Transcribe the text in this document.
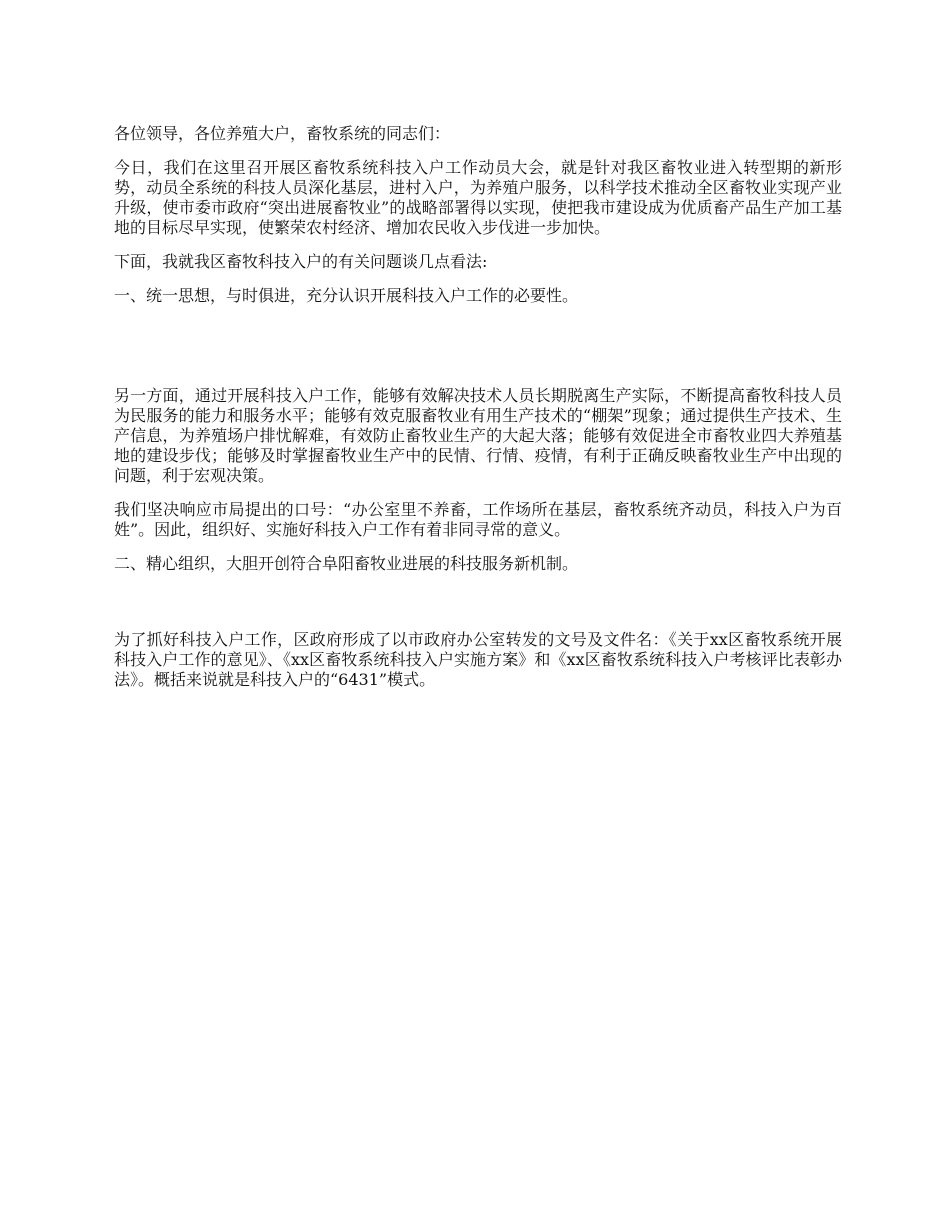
各位领导，各位养殖大户，畜牧系统的同志们：

今日，我们在这里召开展区畜牧系统科技入户工作动员大会，就是针对我区畜牧业进入转型期的新形势，动员全系统的科技人员深化基层，进村入户，为养殖户服务，以科学技术推动全区畜牧业实现产业升级，使市委市政府“突出进展畜牧业”的战略部署得以实现，使把我市建设成为优质畜产品生产加工基地的目标尽早实现，使繁荣农村经济、增加农民收入步伐进一步加快。

下面，我就我区畜牧科技入户的有关问题谈几点看法:

一、统一思想，与时俱进，充分认识开展科技入户工作的必要性。

另一方面，通过开展科技入户工作，能够有效解决技术人员长期脱离生产实际，不断提高畜牧科技人员为民服务的能力和服务水平；能够有效克服畜牧业有用生产技术的“棚架”现象；通过提供生产技术、生产信息，为养殖场户排忧解难，有效防止畜牧业生产的大起大落；能够有效促进全市畜牧业四大养殖基地的建设步伐；能够及时掌握畜牧业生产中的民情、行情、疫情，有利于正确反映畜牧业生产中出现的问题，利于宏观决策。

我们坚决响应市局提出的口号：“办公室里不养畜，工作场所在基层，畜牧系统齐动员，科技入户为百姓”。因此，组织好、实施好科技入户工作有着非同寻常的意义。

二、精心组织，大胆开创符合阜阳畜牧业进展的科技服务新机制。

为了抓好科技入户工作，区政府形成了以市政府办公室转发的文号及文件名：《关于xx区畜牧系统开展科技入户工作的意见》、《xx区畜牧系统科技入户实施方案》和《xx区畜牧系统科技入户考核评比表彰办法》。概括来说就是科技入户的“6431”模式。
